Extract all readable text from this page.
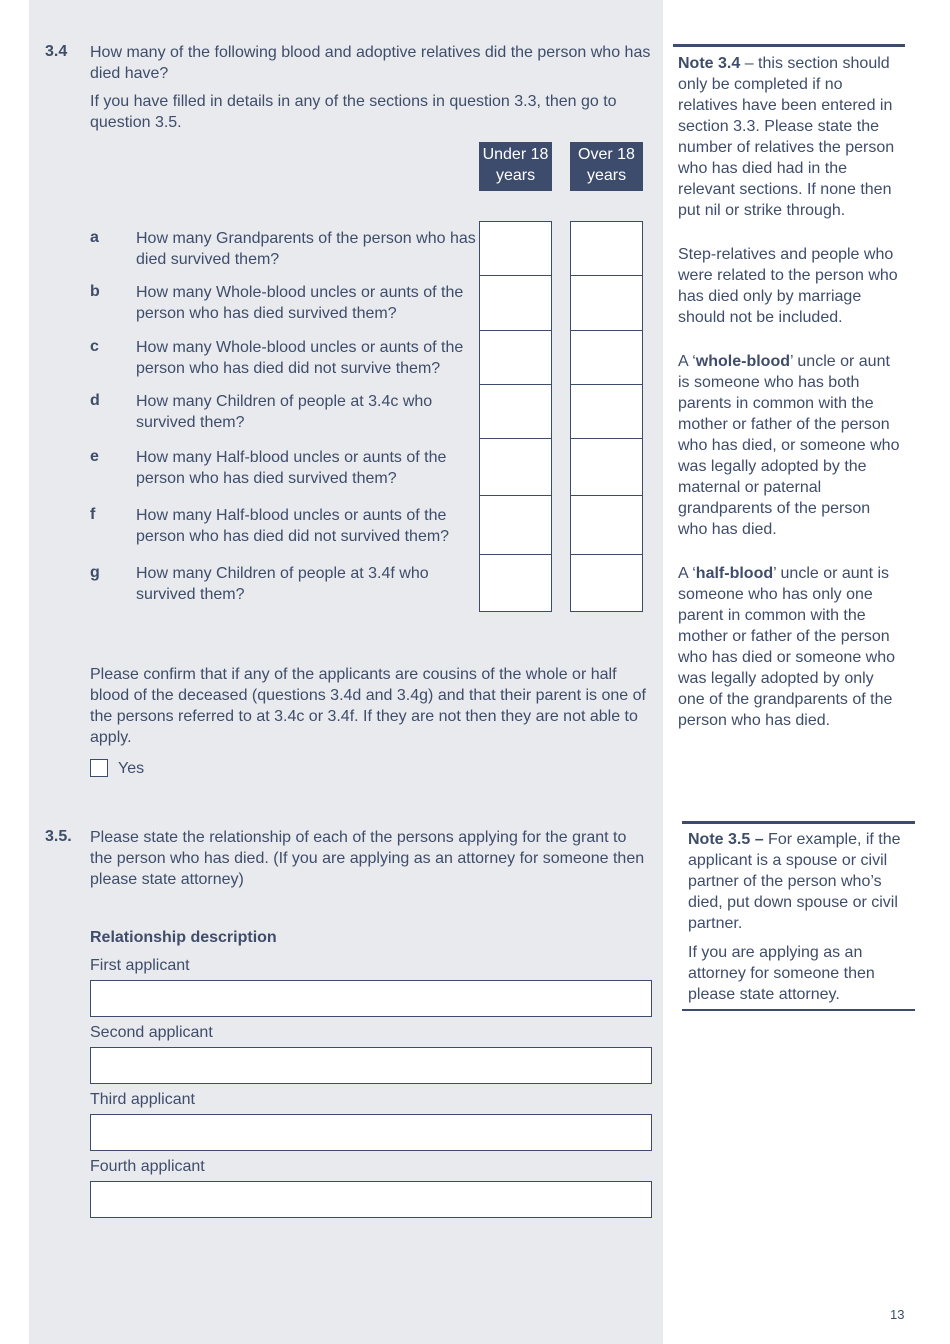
3.4 How many of the following blood and adoptive relatives did the person who has died have?
If you have filled in details in any of the sections in question 3.3, then go to question 3.5.
Under 18 years
Over 18 years
a How many Grandparents of the person who has died survived them?
b How many Whole-blood uncles or aunts of the person who has died survived them?
c How many Whole-blood uncles or aunts of the person who has died did not survive them?
d How many Children of people at 3.4c who survived them?
e How many Half-blood uncles or aunts of the person who has died survived them?
f	How many Half-blood uncles or aunts of the person who has died did not survived them?
g How many Children of people at 3.4f who survived them?
Please confirm that if any of the applicants are cousins of the whole or half blood of the deceased (questions 3.4d and 3.4g) and that their parent is one of the persons referred to at 3.4c or 3.4f. If they are not then they are not able to apply.
Yes
3.5. Please state the relationship of each of the persons applying for the grant to the person who has died. (If you are applying as an attorney for someone then please state attorney)
Relationship description
First applicant
Second applicant
Third applicant
Fourth applicant

Note 3.4 – this section should only be completed if no relatives have been entered in section 3.3. Please state the number of relatives the person who has died had in the relevant sections. If none then put nil or strike through.

Step-relatives and people who were related to the person who has died only by marriage should not be included.

A ‘whole-blood’ uncle or aunt is someone who has both parents in common with the mother or father of the person who has died, or someone who was legally adopted by the maternal or paternal grandparents of the person who has died.

A ‘half-blood’ uncle or aunt is someone who has only one parent in common with the mother or father of the person who has died or someone who was legally adopted by only one of the grandparents of the person who has died.

Note 3.5 – For example, if the applicant is a spouse or civil partner of the person who’s died, put down spouse or civil partner.

If you are applying as an attorney for someone then please state attorney.

13
